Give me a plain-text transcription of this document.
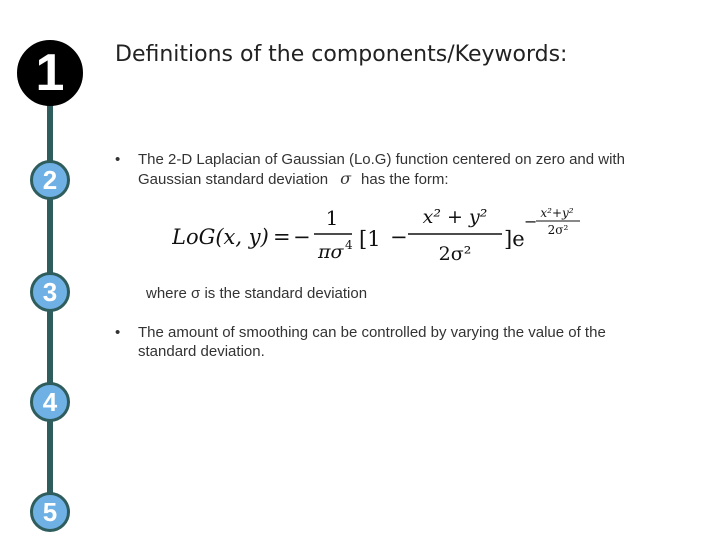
1
2
3
4
5
Definitions of the components/Keywords:
• The 2-D Laplacian of Gaussian (Lo.G) function centered on zero and with
Gaussian standard deviation σ has the form:
LoG(x, y) = −
1
πσ 4 [1 −
x² + y²
2σ²
]e
− x²+y²
2σ²
where σ is the standard deviation
• The amount of smoothing can be controlled by varying the value of the standard deviation.
